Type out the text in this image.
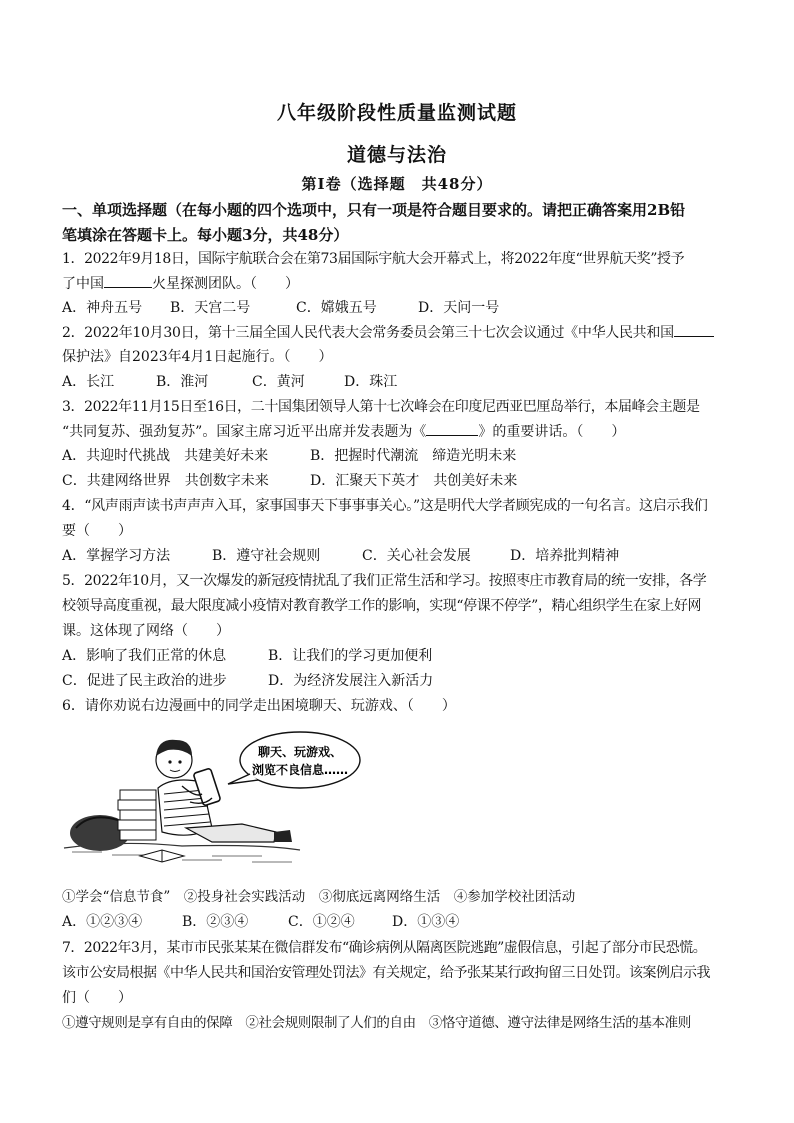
八年级阶段性质量监测试题
道德与法治
第Ⅰ卷（选择题　共48分）
一、单项选择题（在每小题的四个选项中，只有一项是符合题目要求的。请把正确答案用2B铅
笔填涂在答题卡上。每小题3分，共48分）
1．2022年9月18日，国际宇航联合会在第73届国际宇航大会开幕式上，将2022年度“世界航天奖”授予
了中国	火星探测团队。（　　）
A．神舟五号	B．天宫二号	C．嫦娥五号	D．天问一号
2．2022年10月30日，第十三届全国人民代表大会常务委员会第三十七次会议通过《中华人民共和国
保护法》自2023年4月1日起施行。（　　）
A．长江	B．淮河	C．黄河	D．珠江
3．2022年11月15日至16日，二十国集团领导人第十七次峰会在印度尼西亚巴厘岛举行，本届峰会主题是
“共同复苏、强劲复苏”。国家主席习近平出席并发表题为《	》的重要讲话。（　　）
A．共迎时代挑战　共建美好未来	B．把握时代潮流　缔造光明未来
C．共建网络世界　共创数字未来	D．汇聚天下英才　共创美好未来
4．“风声雨声读书声声声入耳，家事国事天下事事事关心。”这是明代大学者顾宪成的一句名言。这启示我们
要（　　）
A．掌握学习方法	B．遵守社会规则	C．关心社会发展	D．培养批判精神
5．2022年10月，又一次爆发的新冠疫情扰乱了我们正常生活和学习。按照枣庄市教育局的统一安排，各学
校领导高度重视，最大限度减小疫情对教育教学工作的影响，实现“停课不停学”，精心组织学生在家上好网
课。这体现了网络（　　）
A．影响了我们正常的休息	B．让我们的学习更加便利
C．促进了民主政治的进步	D．为经济发展注入新活力
6．请你劝说右边漫画中的同学走出困境聊天、玩游戏、（　　）
聊天、玩游戏、
浏览不良信息……
①学会“信息节食”　②投身社会实践活动　③彻底远离网络生活　④参加学校社团活动
A．①②③④	B．②③④	C．①②④	D．①③④
7．2022年3月，某市市民张某某在微信群发布“确诊病例从隔离医院逃跑”虚假信息，引起了部分市民恐慌。
该市公安局根据《中华人民共和国治安管理处罚法》有关规定，给予张某某行政拘留三日处罚。该案例启示我
们（　　）
①遵守规则是享有自由的保障　②社会规则限制了人们的自由　③恪守道德、遵守法律是网络生活的基本准则
